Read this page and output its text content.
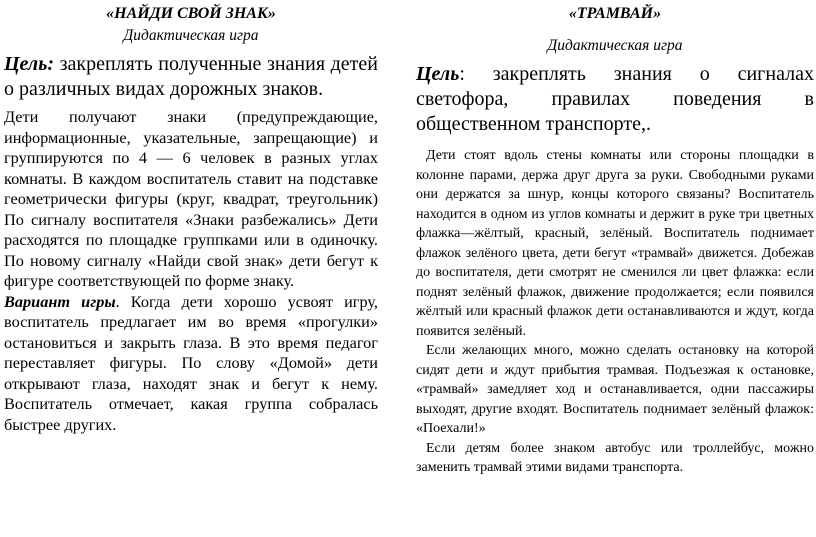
«НАЙДИ СВОЙ ЗНАК»

Дидактическая игра

Цель: закреплять полученные знания детей о различных видах дорожных знаков.

Дети получают знаки (предупреждающие, информационные, указательные, запрещающие) и группируются по 4 — 6 человек в разных углах комнаты. В каждом воспитатель ставит на подставке геометрически фигуры (круг, квадрат, треугольник) По сигналу воспитателя «Знаки разбежались» Дети расходятся по площадке группками или в одиночку. По новому сигналу «Найди свой знак» дети бегут к фигуре соответствующей по форме знаку.

Вариант игры. Когда дети хорошо усвоят игру, воспитатель предлагает им во время «прогулки» остановиться и закрыть глаза. В это время педагог переставляет фигуры. По слову «Домой» дети открывают глаза, находят знак и бегут к нему. Воспитатель отмечает, какая группа собралась быстрее других.

«ТРАМВАЙ»

Дидактическая игра

Цель: закреплять знания о сигналах светофора, правилах поведения в общественном транспорте,.

Дети стоят вдоль стены комнаты или стороны площадки в колонне парами, держа друг друга за руки. Свободными руками они держатся за шнур, концы которого связаны? Воспитатель находится в одном из углов комнаты и держит в руке три цветных флажка—жёлтый, красный, зелёный. Воспитатель поднимает флажок зелёного цвета, дети бегут «трамвай» движется. Добежав до воспитателя, дети смотрят не сменился ли цвет флажка: если поднят зелёный флажок, движение продолжается; если появился жёлтый или красный флажок дети останавливаются и ждут, когда появится зелёный.

Если желающих много, можно сделать остановку на которой сидят дети и ждут прибытия трамвая. Подъезжая к остановке, «трамвай» замедляет ход и останавливается, одни пассажиры выходят, другие входят. Воспитатель поднимает зелёный флажок: «Поехали!»

Если детям более знаком автобус или троллейбус, можно заменить трамвай этими видами транспорта.
